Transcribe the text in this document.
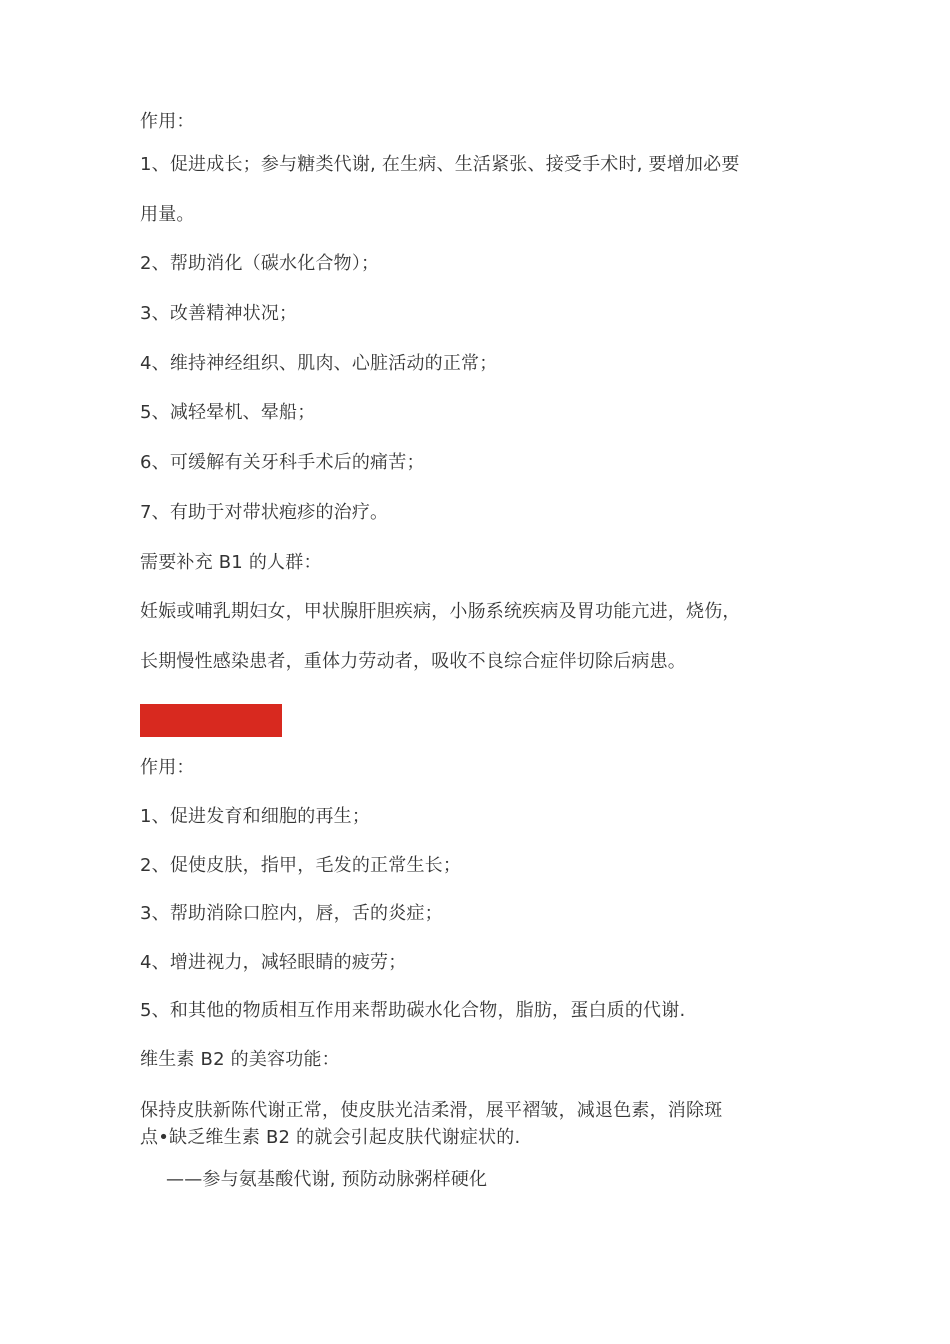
作用：
1、促进成长；参与糖类代谢, 在生病、生活紧张、接受手术时, 要增加必要
用量。
2、帮助消化（碳水化合物）；
3、改善精神状况；
4、维持神经组织、肌肉、心脏活动的正常；
5、减轻晕机、晕船；
6、可缓解有关牙科手术后的痛苦；
7、有助于对带状疱疹的治疗。
需要补充 B1 的人群：
妊娠或哺乳期妇女，甲状腺肝胆疾病，小肠系统疾病及胃功能亢进，烧伤，
长期慢性感染患者，重体力劳动者，吸收不良综合症伴切除后病患。
作用：
1、促进发育和细胞的再生；
2、促使皮肤，指甲，毛发的正常生长；
3、帮助消除口腔内，唇，舌的炎症；
4、增进视力，减轻眼睛的疲劳；
5、和其他的物质相互作用来帮助碳水化合物，脂肪，蛋白质的代谢.
维生素 B2 的美容功能：
保持皮肤新陈代谢正常，使皮肤光洁柔滑，展平褶皱，减退色素，消除斑
点•缺乏维生素 B2 的就会引起皮肤代谢症状的.
——参与氨基酸代谢, 预防动脉粥样硬化
